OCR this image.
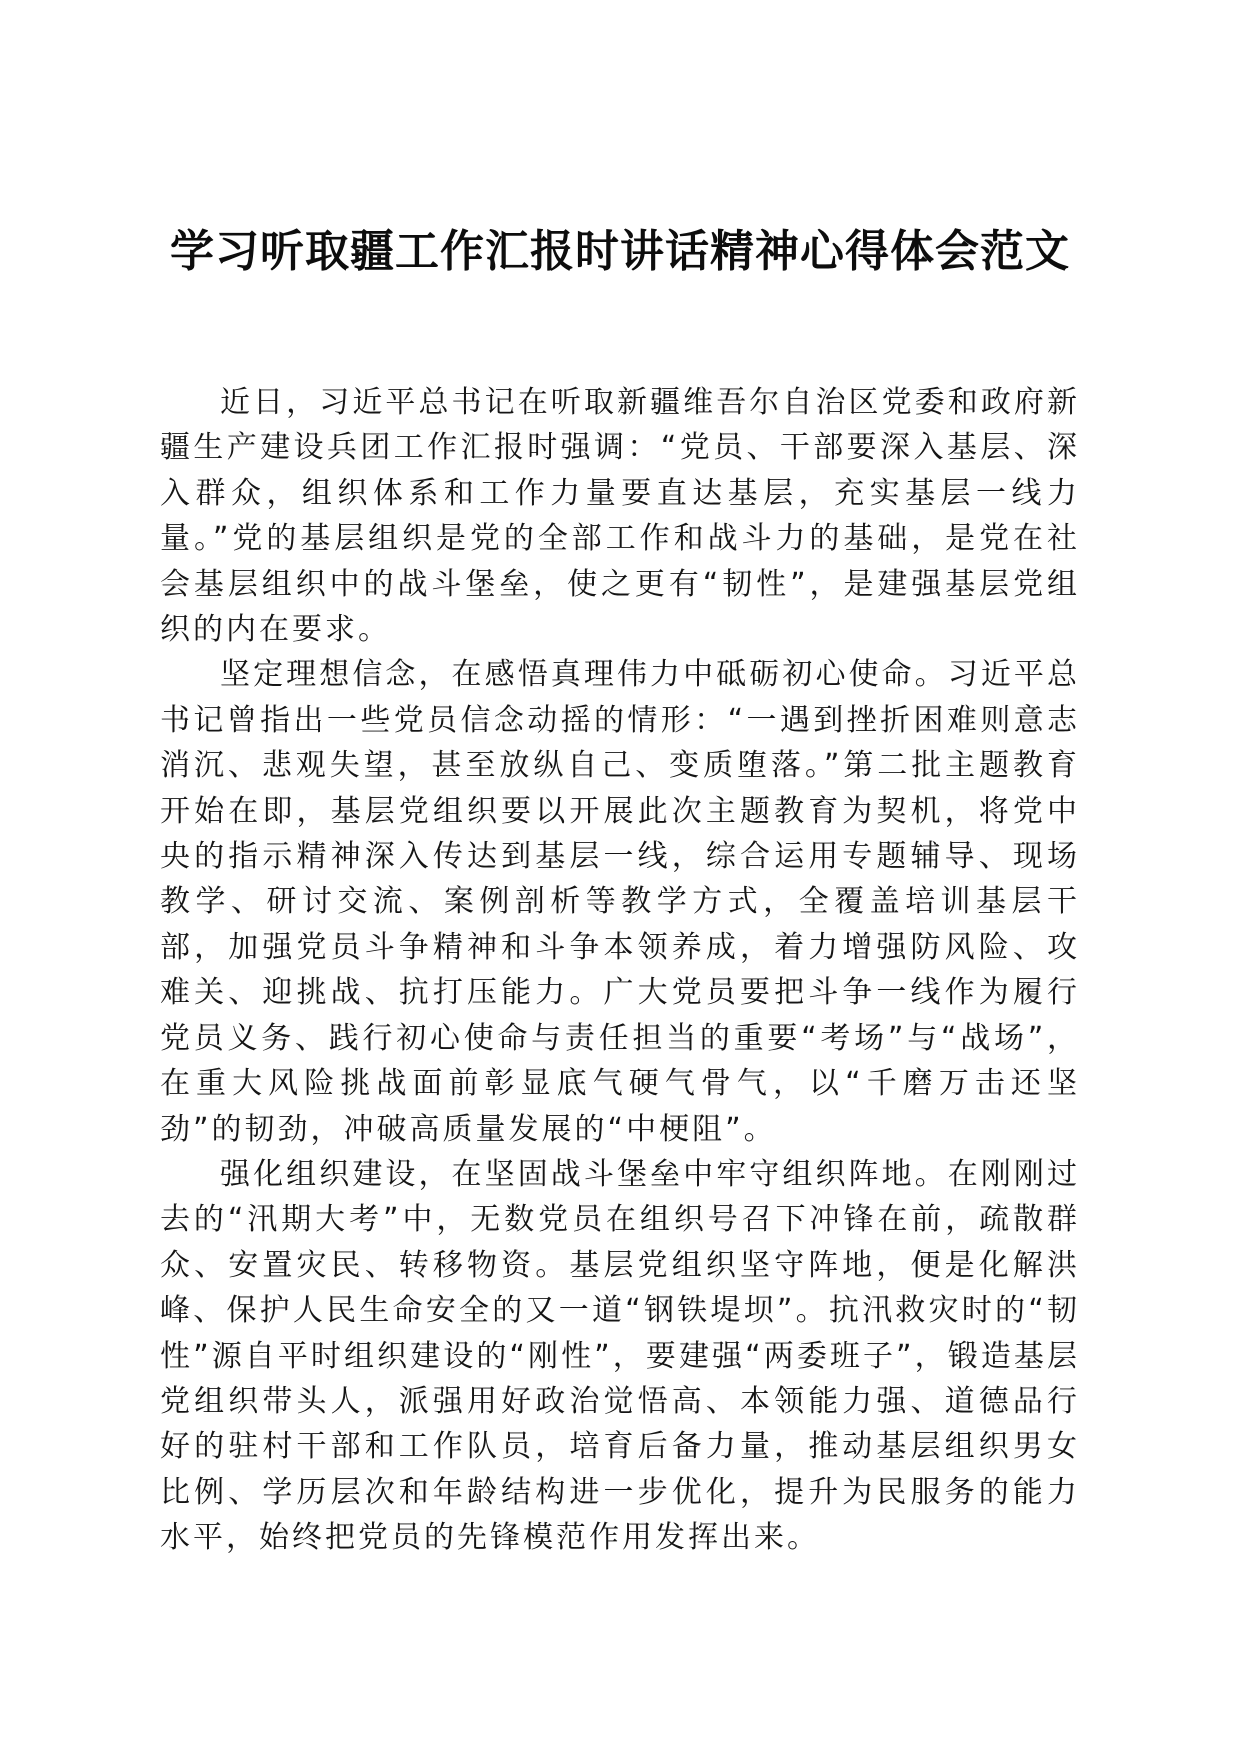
学习听取疆工作汇报时讲话精神心得体会范文

近日，习近平总书记在听取新疆维吾尔自治区党委和政府新疆生产建设兵团工作汇报时强调：“党员、干部要深入基层、深入群众，组织体系和工作力量要直达基层，充实基层一线力量。”党的基层组织是党的全部工作和战斗力的基础，是党在社会基层组织中的战斗堡垒，使之更有“韧性”，是建强基层党组织的内在要求。

坚定理想信念，在感悟真理伟力中砥砺初心使命。习近平总书记曾指出一些党员信念动摇的情形：“一遇到挫折困难则意志消沉、悲观失望，甚至放纵自己、变质堕落。”第二批主题教育开始在即，基层党组织要以开展此次主题教育为契机，将党中央的指示精神深入传达到基层一线，综合运用专题辅导、现场教学、研讨交流、案例剖析等教学方式，全覆盖培训基层干部，加强党员斗争精神和斗争本领养成，着力增强防风险、攻难关、迎挑战、抗打压能力。广大党员要把斗争一线作为履行党员义务、践行初心使命与责任担当的重要“考场”与“战场”，在重大风险挑战面前彰显底气硬气骨气，以“千磨万击还坚劲”的韧劲，冲破高质量发展的“中梗阻”。

强化组织建设，在坚固战斗堡垒中牢守组织阵地。在刚刚过去的“汛期大考”中，无数党员在组织号召下冲锋在前，疏散群众、安置灾民、转移物资。基层党组织坚守阵地，便是化解洪峰、保护人民生命安全的又一道“钢铁堤坝”。抗汛救灾时的“韧性”源自平时组织建设的“刚性”，要建强“两委班子”，锻造基层党组织带头人，派强用好政治觉悟高、本领能力强、道德品行好的驻村干部和工作队员，培育后备力量，推动基层组织男女比例、学历层次和年龄结构进一步优化，提升为民服务的能力水平，始终把党员的先锋模范作用发挥出来。
